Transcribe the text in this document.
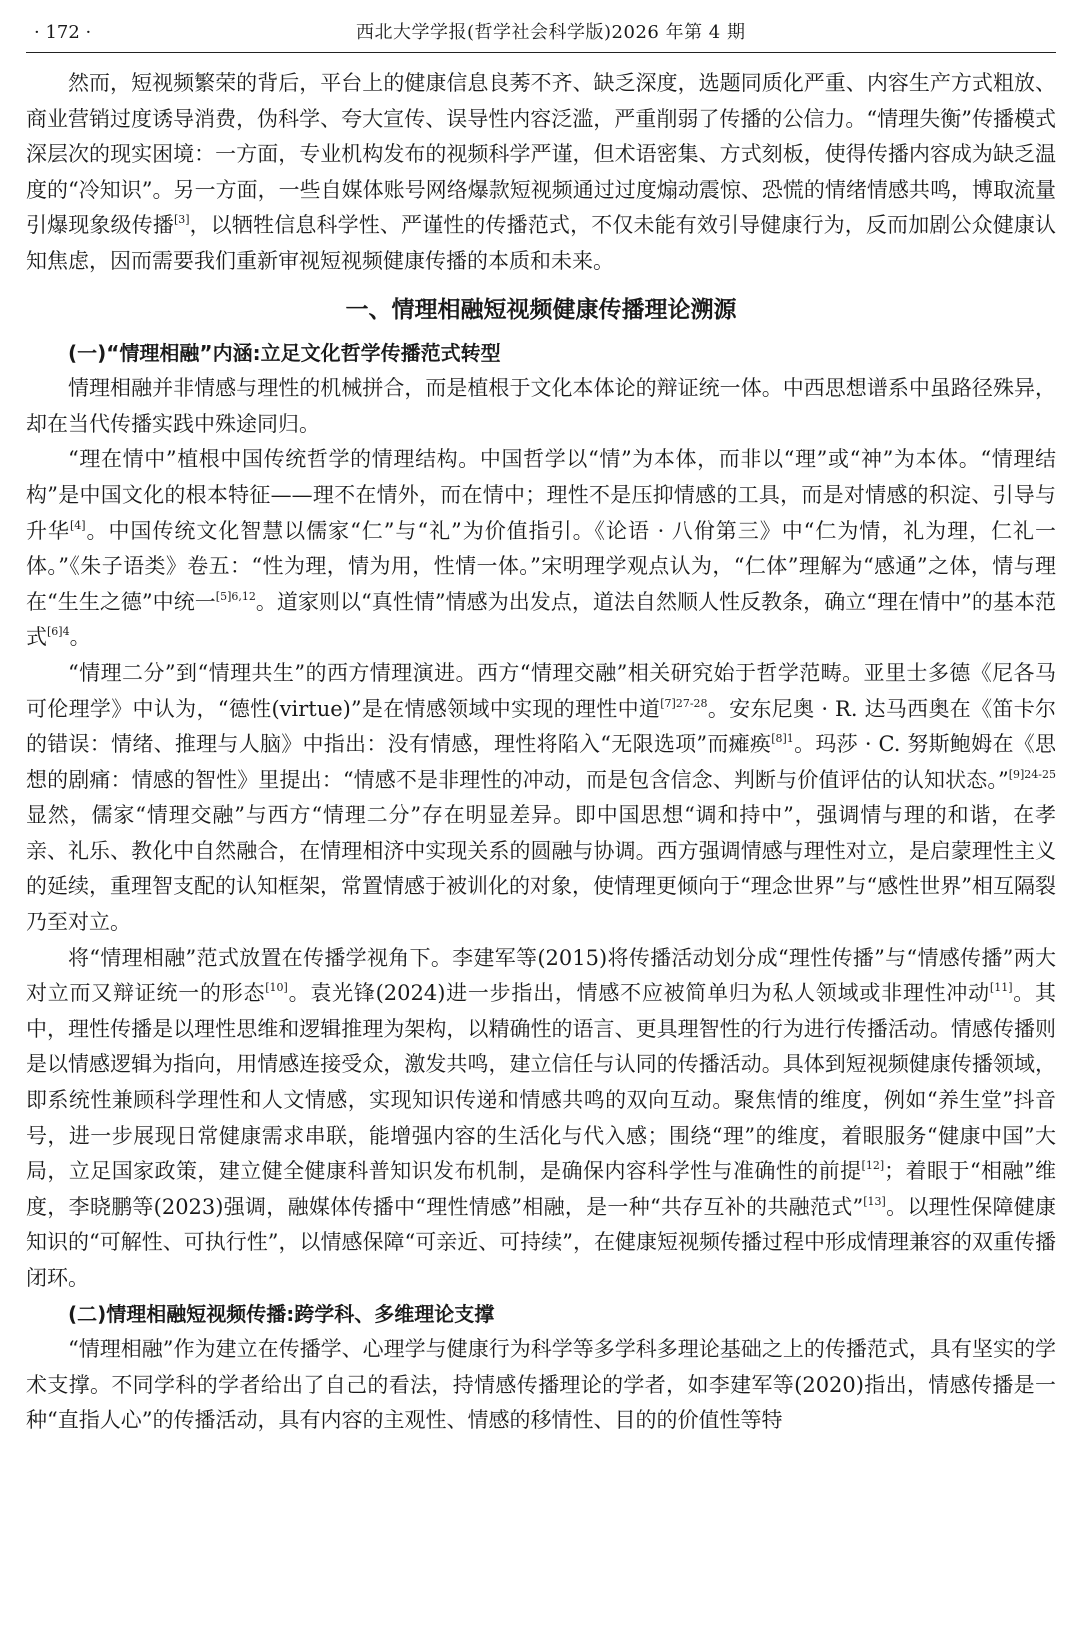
· 172 ·	西北大学学报(哲学社会科学版)2026 年第 4 期

然而，短视频繁荣的背后，平台上的健康信息良莠不齐、缺乏深度，选题同质化严重、内容生产方式粗放、商业营销过度诱导消费，伪科学、夸大宣传、误导性内容泛滥，严重削弱了传播的公信力。“情理失衡”传播模式深层次的现实困境：一方面，专业机构发布的视频科学严谨，但术语密集、方式刻板，使得传播内容成为缺乏温度的“冷知识”。另一方面，一些自媒体账号网络爆款短视频通过过度煽动震惊、恐慌的情绪情感共鸣，博取流量引爆现象级传播[3]，以牺牲信息科学性、严谨性的传播范式，不仅未能有效引导健康行为，反而加剧公众健康认知焦虑，因而需要我们重新审视短视频健康传播的本质和未来。

一、情理相融短视频健康传播理论溯源
(一)“情理相融”内涵:立足文化哲学传播范式转型

情理相融并非情感与理性的机械拼合，而是植根于文化本体论的辩证统一体。中西思想谱系中虽路径殊异，却在当代传播实践中殊途同归。

“理在情中”植根中国传统哲学的情理结构。中国哲学以“情”为本体，而非以“理”或“神”为本体。“情理结构”是中国文化的根本特征——理不在情外，而在情中；理性不是压抑情感的工具，而是对情感的积淀、引导与升华[4]。中国传统文化智慧以儒家“仁”与“礼”为价值指引。《论语 · 八佾第三》中“仁为情，礼为理，仁礼一体。”《朱子语类》卷五：“性为理，情为用，性情一体。”宋明理学观点认为，“仁体”理解为“感通”之体，情与理在“生生之德”中统一$^{[5]6,12}$。道家则以“真性情”情感为出发点，道法自然顺人性反教条，确立“理在情中”的基本范式$^{[6]4}$。

“情理二分”到“情理共生”的西方情理演进。西方“情理交融”相关研究始于哲学范畴。亚里士多德《尼各马可伦理学》中认为，“德性(virtue)”是在情感领域中实现的理性中道$^{[7]27-28}$。安东尼奥 · R. 达马西奥在《笛卡尔的错误：情绪、推理与人脑》中指出：没有情感，理性将陷入“无限选项”而瘫痪$^{[8]1}$。玛莎 · C. 努斯鲍姆在《思想的剧痛：情感的智性》里提出：“情感不是非理性的冲动，而是包含信念、判断与价值评估的认知状态。”$^{[9]24-25}$显然，儒家“情理交融”与西方“情理二分”存在明显差异。即中国思想“调和持中”，强调情与理的和谐，在孝亲、礼乐、教化中自然融合，在情理相济中实现关系的圆融与协调。西方强调情感与理性对立，是启蒙理性主义的延续，重理智支配的认知框架，常置情感于被训化的对象，使情理更倾向于“理念世界”与“感性世界”相互隔裂乃至对立。

将“情理相融”范式放置在传播学视角下。李建军等(2015)将传播活动划分成“理性传播”与“情感传播”两大对立而又辩证统一的形态[10]。袁光锋(2024)进一步指出，情感不应被简单归为私人领域或非理性冲动[11]。其中，理性传播是以理性思维和逻辑推理为架构，以精确性的语言、更具理智性的行为进行传播活动。情感传播则是以情感逻辑为指向，用情感连接受众，激发共鸣，建立信任与认同的传播活动。具体到短视频健康传播领域，即系统性兼顾科学理性和人文情感，实现知识传递和情感共鸣的双向互动。聚焦情的维度，例如“养生堂”抖音号，进一步展现日常健康需求串联，能增强内容的生活化与代入感；围绕“理”的维度，着眼服务“健康中国”大局，立足国家政策，建立健全健康科普知识发布机制，是确保内容科学性与准确性的前提[12]；着眼于“相融”维度，李晓鹏等(2023)强调，融媒体传播中“理性情感”相融，是一种“共存互补的共融范式”[13]。以理性保障健康知识的“可解性、可执行性”，以情感保障“可亲近、可持续”，在健康短视频传播过程中形成情理兼容的双重传播闭环。

(二)情理相融短视频传播:跨学科、多维理论支撑

“情理相融”作为建立在传播学、心理学与健康行为科学等多学科多理论基础之上的传播范式，具有坚实的学术支撑。不同学科的学者给出了自己的看法，持情感传播理论的学者，如李建军等(2020)指出，情感传播是一种“直指人心”的传播活动，具有内容的主观性、情感的移情性、目的的价值性等特
